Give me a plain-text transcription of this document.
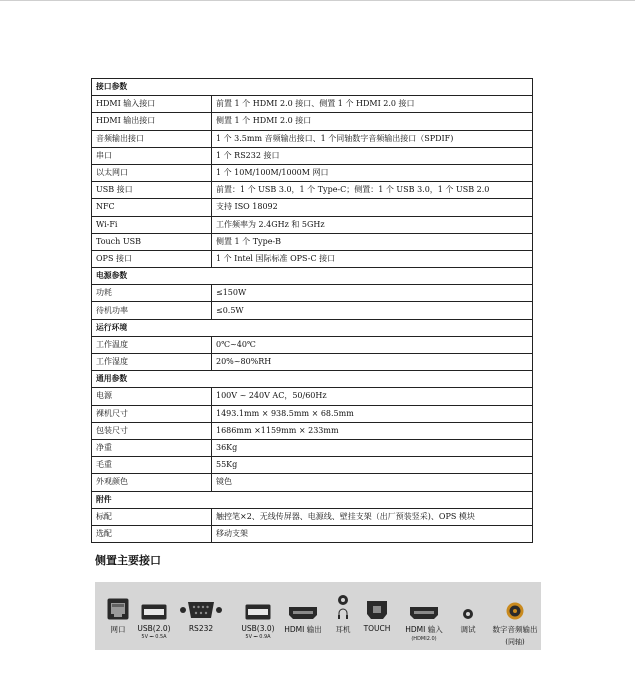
接口参数	
HDMI 输入接口	前置 1 个 HDMI 2.0 接口、侧置 1 个 HDMI 2.0 接口
HDMI 输出接口	侧置 1 个 HDMI 2.0 接口
音频输出接口	1 个 3.5mm 音频输出接口、1 个同轴数字音频输出接口（SPDIF)
串口	1 个 RS232 接口
以太网口	1 个 10M/100M/1000M 网口
USB 接口	前置：1 个 USB 3.0，1 个 Type-C；侧置：1 个 USB 3.0，1 个 USB 2.0
NFC	支持 ISO 18092
Wi-Fi	工作频率为 2.4GHz 和 5GHz
Touch USB	侧置 1 个 Type-B
OPS 接口	1 个 Intel 国际标准 OPS-C 接口
电源参数	
功耗	≤150W
待机功率	≤0.5W
运行环境	
工作温度	0℃~40℃
工作湿度	20%~80%RH
通用参数	
电源	100V ~ 240V AC，50/60Hz
裸机尺寸	1493.1mm × 938.5mm × 68.5mm
包装尺寸	1686mm ×1159mm × 233mm
净重	36Kg
毛重	55Kg
外观颜色	镜色
附件	
标配	触控笔×2、无线传屏器、电源线、壁挂支架（出厂预装竖采)、OPS 模块
选配	移动支架
侧置主要接口
网口 USB(2.0)
5V ⎓ 0.5A
RS232	USB(3.0)
5V ⎓ 0.9A
HDMI 输出 耳机 TOUCH HDMI 输入
(HDMI2.0)
调试 数字音频输出
(同轴)
